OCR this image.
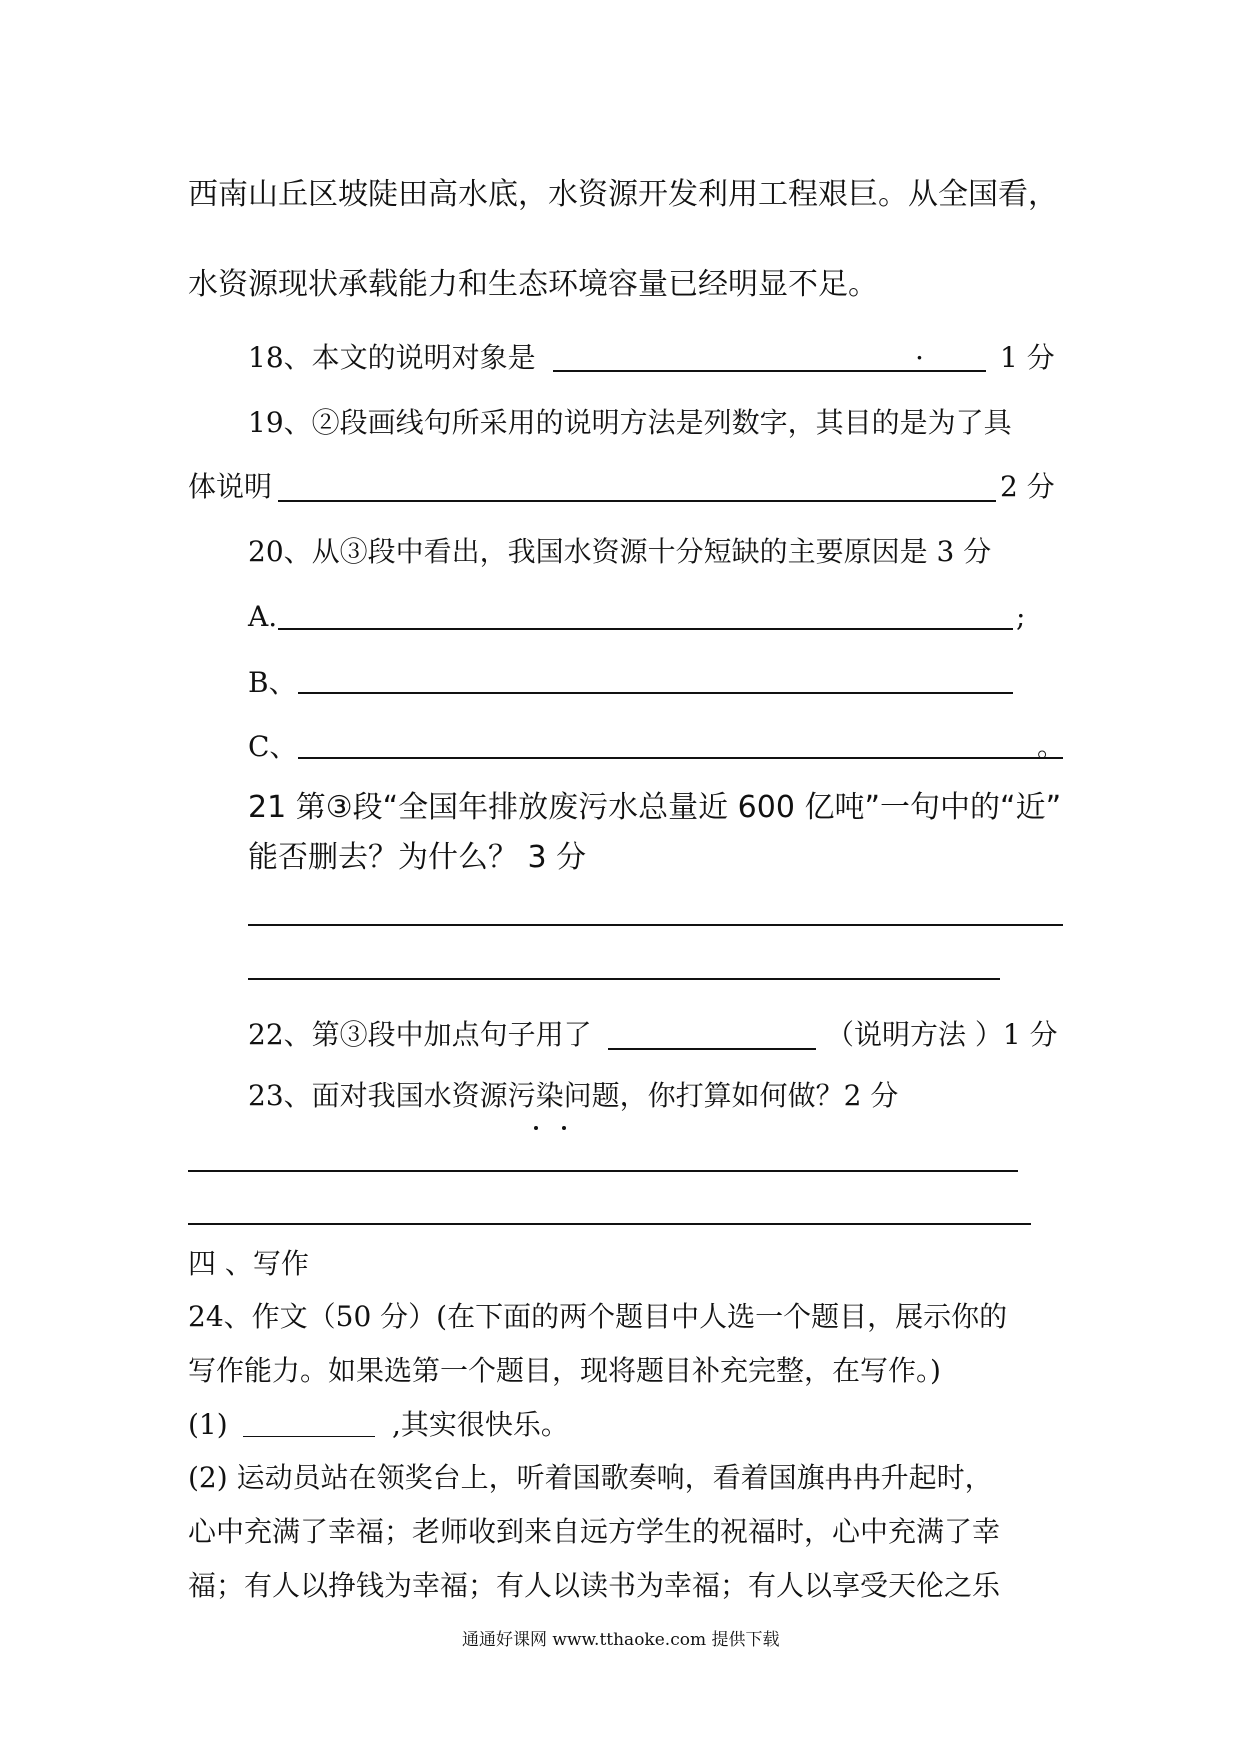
西南山丘区坡陡田高水底，水资源开发利用工程艰巨。从全国看，
水资源现状承载能力和生态环境容量已经明显不足。
18、本文的说明对象是	.	1 分
19、②段画线句所采用的说明方法是列数字，其目的是为了具
体说明	2 分
20、从③段中看出，我国水资源十分短缺的主要原因是 3 分
A.	;
B、
C、	。
21 第③段“全国年排放废污水总量近 600 亿吨”一句中的“近”
能否删去？为什么？ 3 分
22、第③段中加点句子用了	（说明方法 ）1 分
23、面对我国水资源污染问题，你打算如何做？2 分
四 、写作
24、作文（50 分）(在下面的两个题目中人选一个题目，展示你的
写作能力。如果选第一个题目，现将题目补充完整，在写作。)
(1)	,其实很快乐。
(2) 运动员站在领奖台上，听着国歌奏响，看着国旗冉冉升起时，
心中充满了幸福；老师收到来自远方学生的祝福时，心中充满了幸
福；有人以挣钱为幸福；有人以读书为幸福；有人以享受天伦之乐
通通好课网 www.tthaoke.com 提供下载
